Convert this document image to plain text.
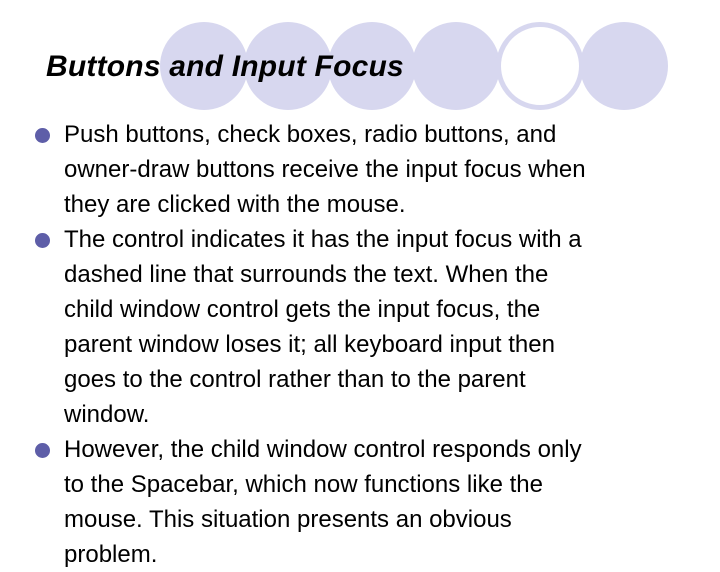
Buttons and Input Focus
Push buttons, check boxes, radio buttons, and
owner-draw buttons receive the input focus when
they are clicked with the mouse.
The control indicates it has the input focus with a
dashed line that surrounds the text. When the
child window control gets the input focus, the
parent window loses it; all keyboard input then
goes to the control rather than to the parent
window.
However, the child window control responds only
to the Spacebar, which now functions like the
mouse. This situation presents an obvious
problem.
